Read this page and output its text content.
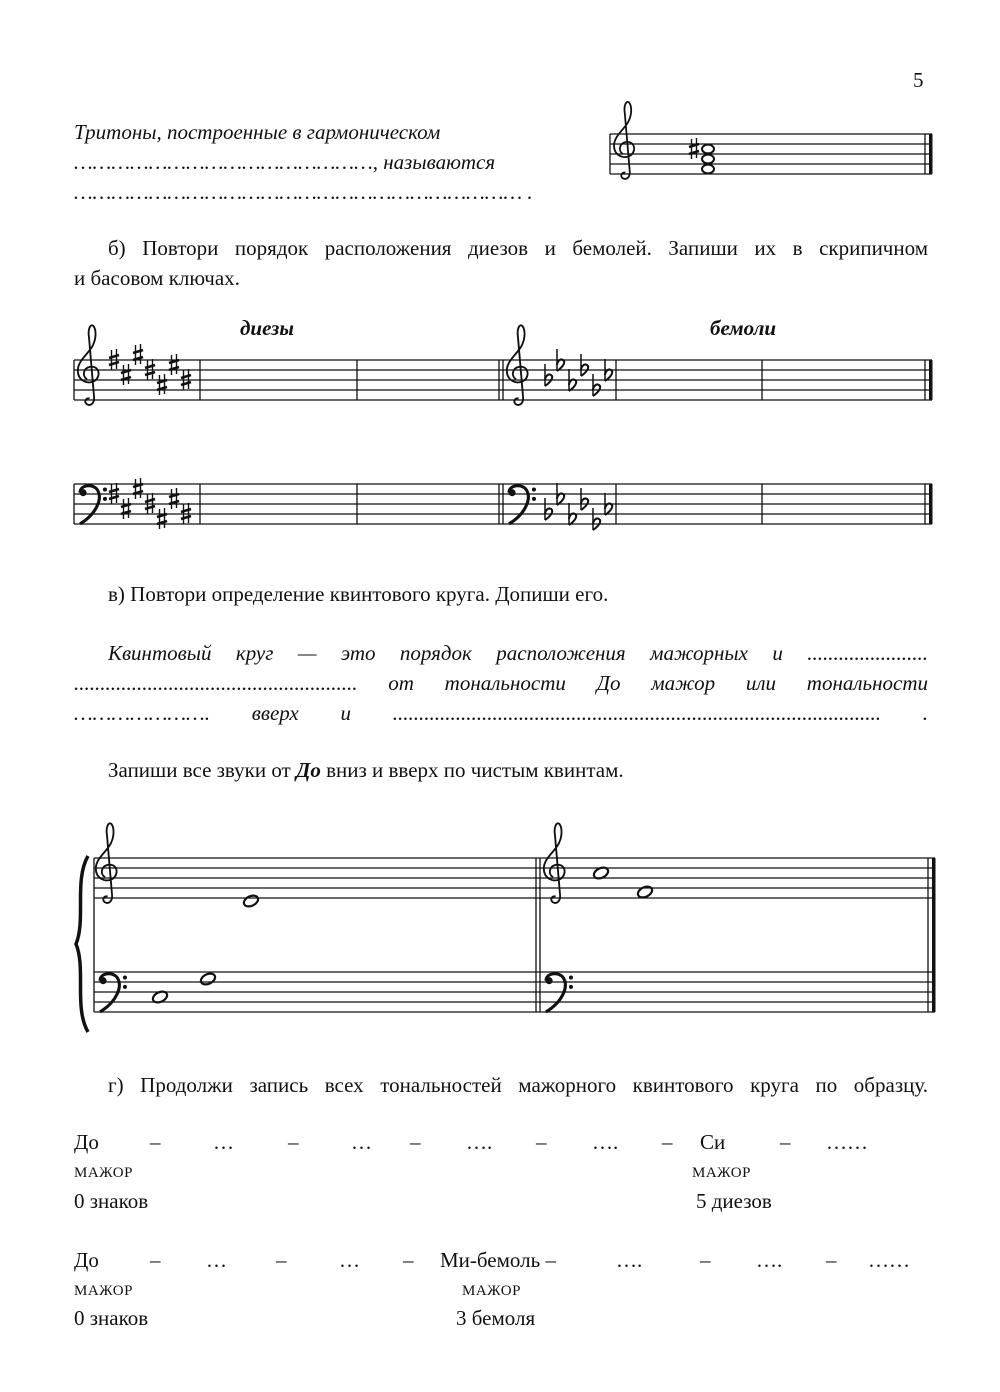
5
Тритоны, построенные в гармоническом
…………………………………………, называются
……………………………………………………………… .
б) Повтори порядок расположения диезов и бемолей. Запиши их в скрипичном
и басовом ключах.
диезы	бемоли
в) Повтори определение квинтового круга. Допиши его.
Квинтовый круг — это порядок расположения мажорных и .......................
...................................................... от тональности До мажор или тональности
…………………. вверх и ............................................................................................. .
Запиши все звуки от До вниз и вверх по чистым квинтам.
г) Продолжи запись всех тональностей мажорного квинтового круга по образцу.
До –	…	–	… – …. – …. – Си	– ……
МАЖОР	МАЖОР
0 знаков	5 диезов
До – … –	… – Ми-бемоль –	….	– …. – ……
МАЖОР	МАЖОР
0 знаков	3 бемоля
